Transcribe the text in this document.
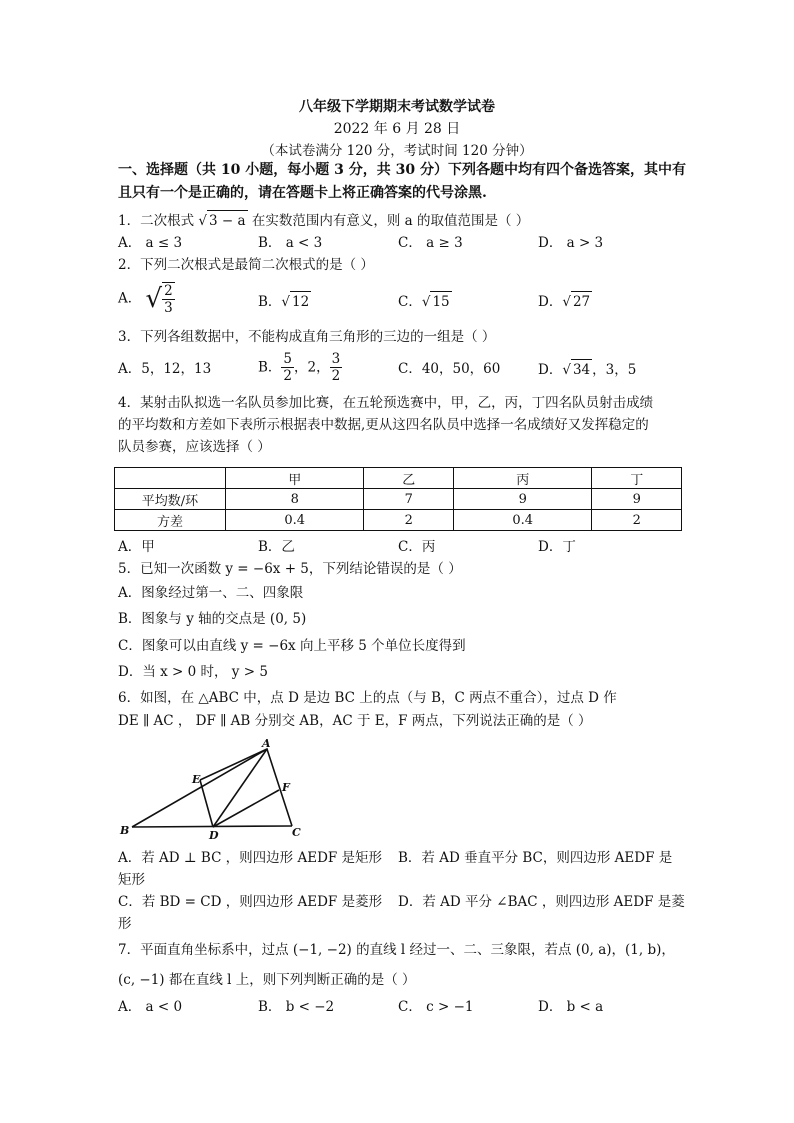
八年级下学期期末考试数学试卷
2022 年 6 月 28 日
（本试卷满分 120 分，考试时间 120 分钟）
一、选择题（共 10 小题，每小题 3 分，共 30 分）下列各题中均有四个备选答案，其中有
且只有一个是正确的，请在答题卡上将正确答案的代号涂黑.
1．二次根式 √ 3 − a 在实数范围内有意义，则 a 的取值范围是（ ）
A． a ≤ 3	B． a < 3	C． a ≥ 3	D． a > 3
2．下列二次根式是最简二次根式的是（ ）
A． √ $\frac{2}{3}$	B．√ 12	C．√ 15	D．√ 27
3．下列各组数据中，不能构成直角三角形的三边的一组是（ ）
A．5，12，13	B． $\frac{5}{2}$ ，2， $\frac{3}{2}$	C．40，50，60	D．√ 34 ，3，5
4．某射击队拟选一名队员参加比赛，在五轮预选赛中，甲，乙，丙，丁四名队员射击成绩
的平均数和方差如下表所示根据表中数据,更从这四名队员中选择一名成绩好又发挥稳定的
队员参赛，应该选择（ ）
	甲	乙	丙	丁
平均数/环	8	7	9	9
方差	0.4	2	0.4	2
A．甲	B．乙	C．丙	D．丁
5．已知一次函数 y = −6x + 5，下列结论错误的是（ ）
A．图象经过第一、二、四象限
B．图象与 y 轴的交点是 (0, 5)
C．图象可以由直线 y = −6x 向上平移 5 个单位长度得到
D．当 x > 0 时， y > 5
6．如图，在 △ABC 中，点 D 是边 BC 上的点（与 B，C 两点不重合），过点 D 作
DE ∥ AC ， DF ∥ AB 分别交 AB，AC 于 E，F 两点，下列说法正确的是（ ）
A
E
F
B	D	C
A．若 AD ⊥ BC ，则四边形 AEDF 是矩形 B．若 AD 垂直平分 BC，则四边形 AEDF 是
矩形
C．若 BD = CD ，则四边形 AEDF 是菱形 D．若 AD 平分 ∠BAC ，则四边形 AEDF 是菱
形
7．平面直角坐标系中，过点 (−1, −2) 的直线 l 经过一、二、三象限，若点 (0, a)，(1, b)，
(c, −1) 都在直线 l 上，则下列判断正确的是（ ）
A． a < 0	B． b < −2	C． c > −1	D． b < a
